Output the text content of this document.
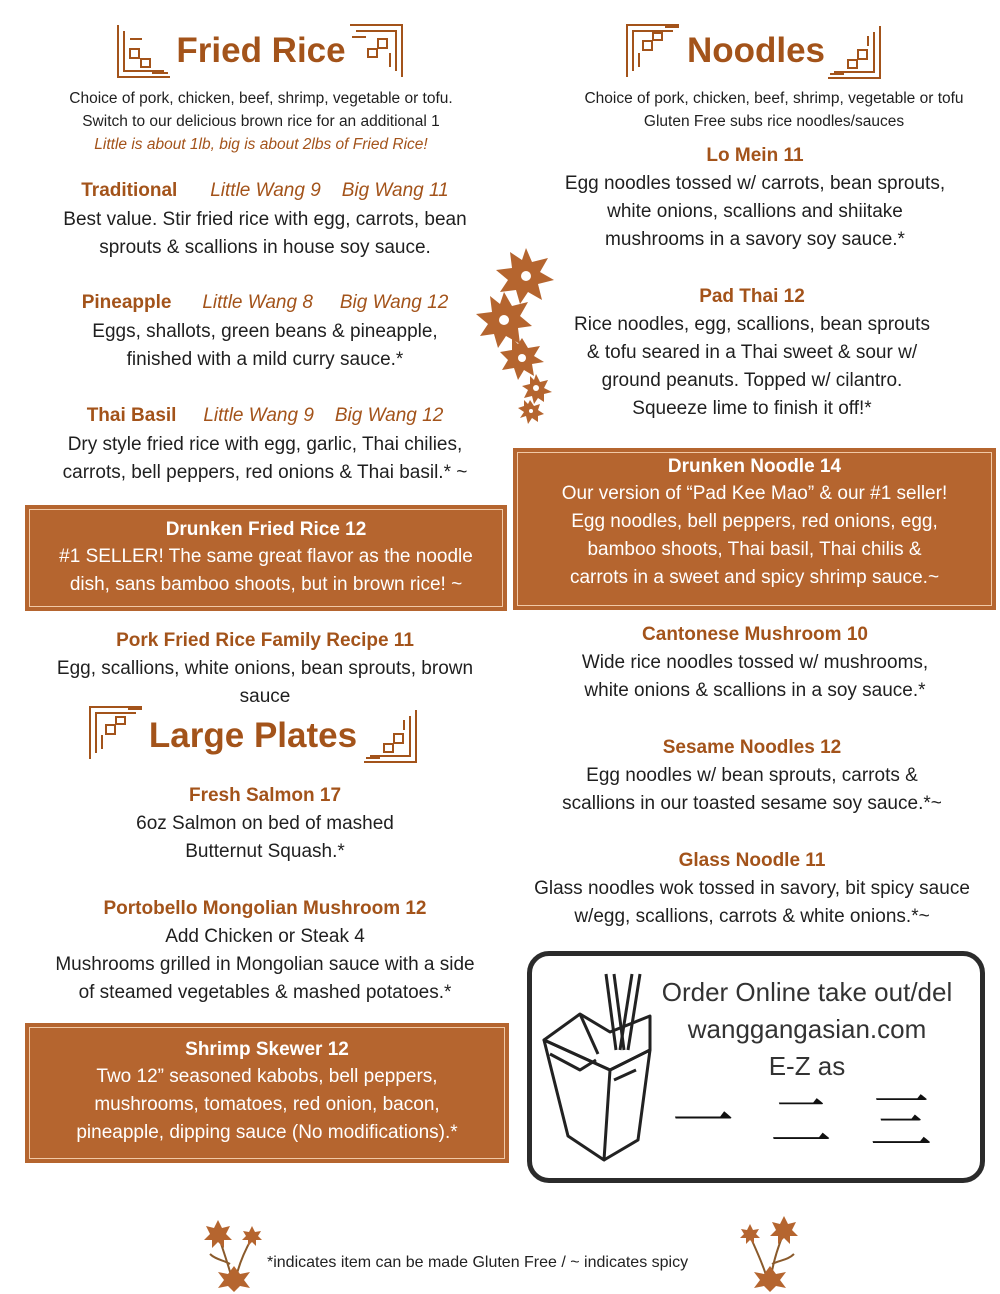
Fried Rice
Choice of pork, chicken, beef, shrimp, vegetable or tofu.
Switch to our delicious brown rice for an additional 1
Little is about 1lb, big is about 2lbs of Fried Rice!
Traditional Little Wang 9 Big Wang 11
Best value. Stir fried rice with egg, carrots, bean
sprouts & scallions in house soy sauce.
Pineapple Little Wang 8 Big Wang 12
Eggs, shallots, green beans & pineapple,
finished with a mild curry sauce.*
Thai Basil Little Wang 9 Big Wang 12
Dry style fried rice with egg, garlic, Thai chilies,
carrots, bell peppers, red onions & Thai basil.* ~
Drunken Fried Rice 12
#1 SELLER! The same great flavor as the noodle
dish, sans bamboo shoots, but in brown rice! ~
Pork Fried Rice Family Recipe 11
Egg, scallions, white onions, bean sprouts, brown
sauce
Large Plates
Fresh Salmon 17
6oz Salmon on bed of mashed
Butternut Squash.*
Portobello Mongolian Mushroom 12
Add Chicken or Steak 4
Mushrooms grilled in Mongolian sauce with a side
of steamed vegetables & mashed potatoes.*
Shrimp Skewer 12
Two 12” seasoned kabobs, bell peppers,
mushrooms, tomatoes, red onion, bacon,
pineapple, dipping sauce (No modifications).*
Noodles
Choice of pork, chicken, beef, shrimp, vegetable or tofu
Gluten Free subs rice noodles/sauces
Lo Mein 11
Egg noodles tossed w/ carrots, bean sprouts,
white onions, scallions and shiitake
mushrooms in a savory soy sauce.*
Pad Thai 12
Rice noodles, egg, scallions, bean sprouts
& tofu seared in a Thai sweet & sour w/
ground peanuts. Topped w/ cilantro.
Squeeze lime to finish it off!*
Drunken Noodle 14
Our version of “Pad Kee Mao” & our #1 seller!
Egg noodles, bell peppers, red onions, egg,
bamboo shoots, Thai basil, Thai chilis &
carrots in a sweet and spicy shrimp sauce.~
Cantonese Mushroom 10
Wide rice noodles tossed w/ mushrooms,
white onions & scallions in a soy sauce.*
Sesame Noodles 12
Egg noodles w/ bean sprouts, carrots &
scallions in our toasted sesame soy sauce.*~
Glass Noodle 11
Glass noodles wok tossed in savory, bit spicy sauce
w/egg, scallions, carrots & white onions.*~
Order Online take out/del
wanggangasian.com
E-Z as
一 二 三
*indicates item can be made Gluten Free / ~ indicates spicy
